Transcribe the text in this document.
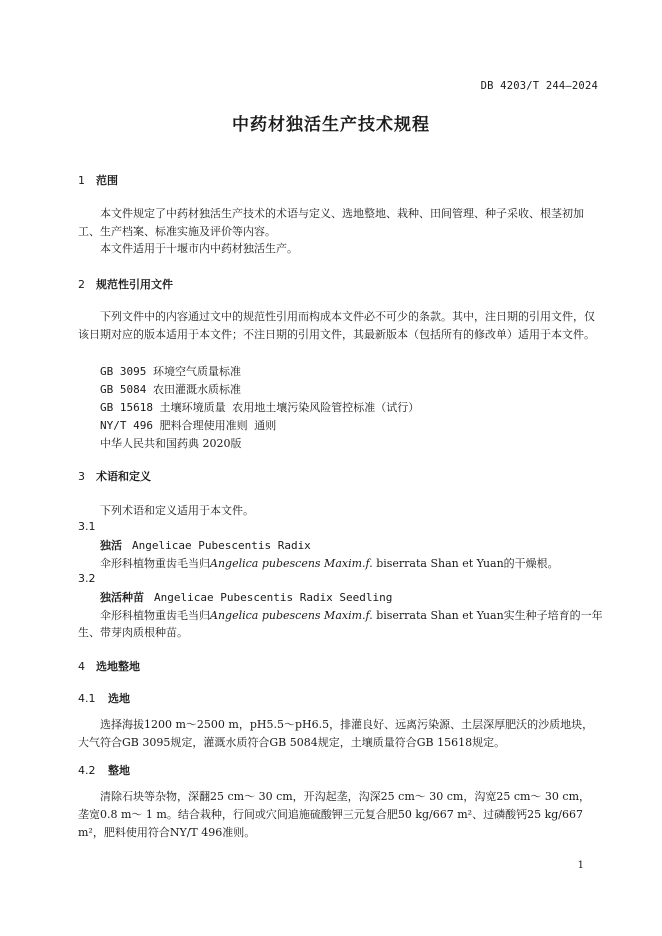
DB 4203/T 244—2024
中药材独活生产技术规程
1 范围
本文件规定了中药材独活生产技术的术语与定义、选地整地、栽种、田间管理、种子采收、根茎初加工、生产档案、标准实施及评价等内容。
本文件适用于十堰市内中药材独活生产。
2 规范性引用文件
下列文件中的内容通过文中的规范性引用而构成本文件必不可少的条款。其中，注日期的引用文件，仅该日期对应的版本适用于本文件；不注日期的引用文件，其最新版本（包括所有的修改单）适用于本文件。
GB 3095 环境空气质量标准
GB 5084 农田灌溉水质标准
GB 15618 土壤环境质量 农用地土壤污染风险管控标准（试行）
NY/T 496 肥料合理使用准则 通则
中华人民共和国药典 2020版
3 术语和定义
下列术语和定义适用于本文件。
3.1
独活 Angelicae Pubescentis Radix
伞形科植物重齿毛当归Angelica pubescens Maxim.f. biserrata Shan et Yuan的干燥根。
3.2
独活种苗 Angelicae Pubescentis Radix Seedling
伞形科植物重齿毛当归Angelica pubescens Maxim.f. biserrata Shan et Yuan实生种子培育的一年
生、带芽肉质根种苗。
4 选地整地
4.1 选地
选择海拔1200 m～2500 m，pH5.5～pH6.5，排灌良好、远离污染源、土层深厚肥沃的沙质地块，大气符合GB 3095规定，灌溉水质符合GB 5084规定，土壤质量符合GB 15618规定。
4.2 整地
清除石块等杂物，深翻25 cm～ 30 cm，开沟起垄，沟深25 cm～ 30 cm，沟宽25 cm～ 30 cm，垄宽0.8 m～ 1 m。结合栽种，行间或穴间追施硫酸钾三元复合肥50 kg/667 m²、过磷酸钙25 kg/667 m²，肥料使用符合NY/T 496准则。
1
